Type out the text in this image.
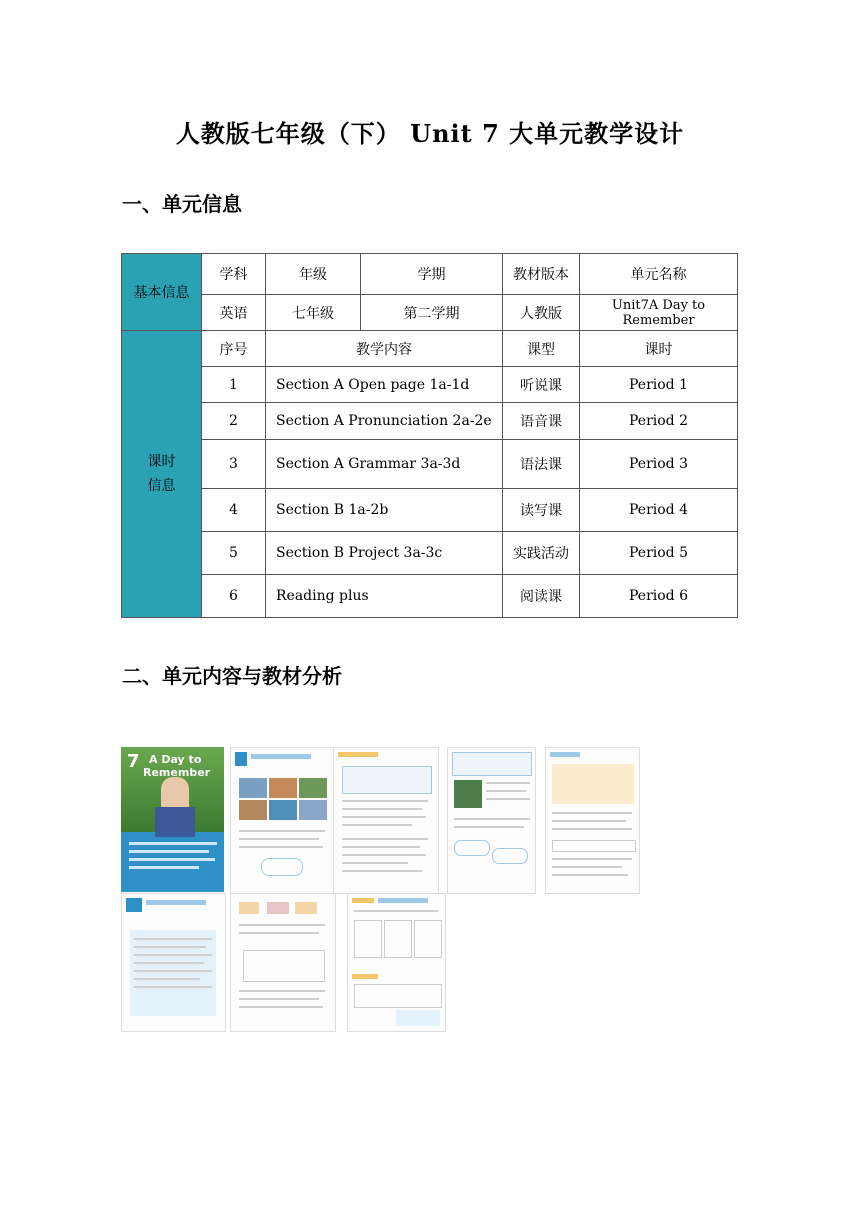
人教版七年级（下） Unit 7 大单元教学设计
一、单元信息
基本信息	学科	年级	学期	教材版本	单元名称
	英语	七年级	第二学期	人教版	Unit7A Day to Remember

课时信息	序号	教学内容		课型	课时
	1	Section A Open page 1a-1d		听说课	Period 1
	2	Section A Pronunciation 2a-2e		语音课	Period 2
	3	Section A Grammar 3a-3d		语法课	Period 3
	4	Section B 1a-2b		读写课	Period 4
	5	Section B Project 3a-3c		实践活动	Period 5
	6	Reading plus		阅读课	Period 6
二、单元内容与教材分析
7 A Day to
Remember
